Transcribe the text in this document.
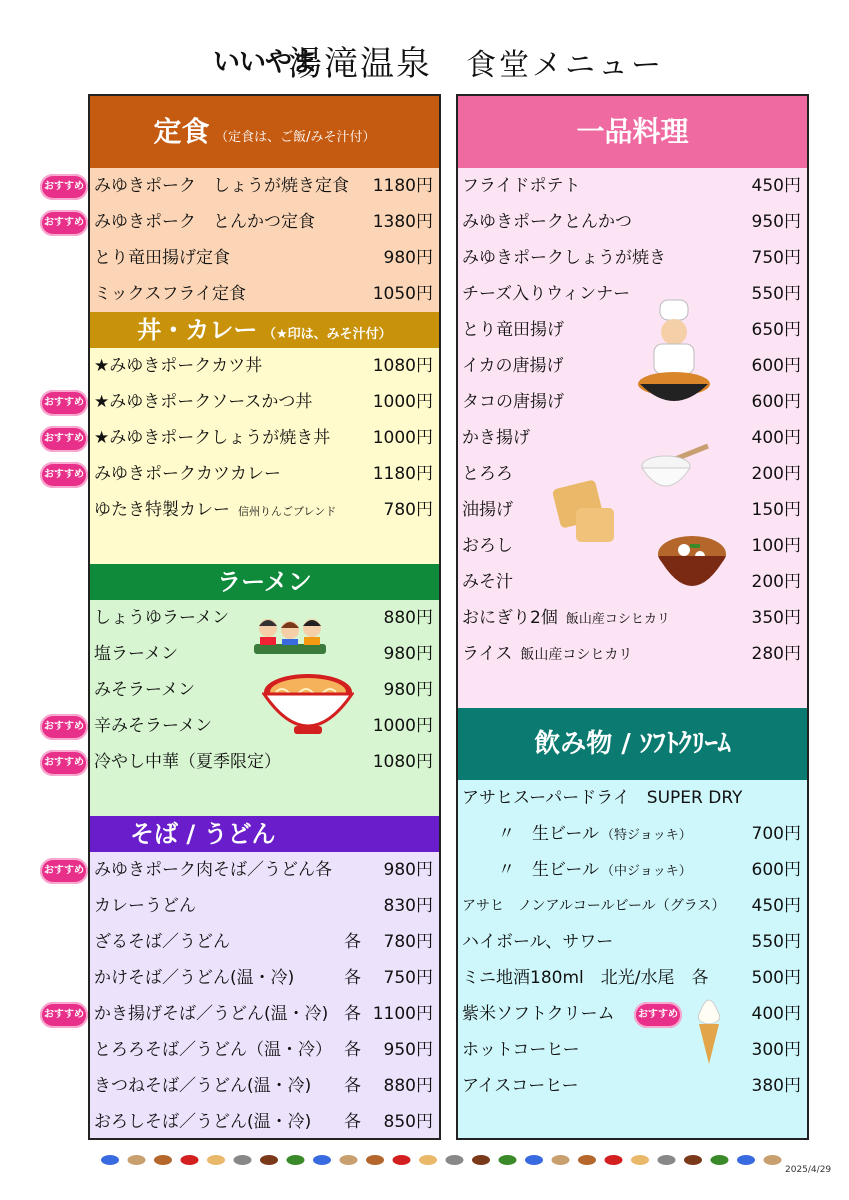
いいやま
湯滝温泉 食堂メニュー
定食 （定食は、ご飯/みそ汁付）
みゆきポーク　しょうが焼き定食 1180円
みゆきポーク　とんかつ定食	1380円
とり竜田揚げ定食	980円
ミックスフライ定食	1050円
丼・カレー （★印は、みそ汁付）
★みゆきポークカツ丼	1080円
★みゆきポークソースかつ丼	1000円
★みゆきポークしょうが焼き丼 1000円
みゆきポークカツカレー	1180円
ゆたき特製カレー 信州りんごブレンド	780円
ラーメン
しょうゆラーメン	880円
塩ラーメン	980円
みそラーメン	980円
辛みそラーメン	1000円
冷やし中華（夏季限定）	1080円
そば / うどん
みゆきポーク肉そば／うどん各	980円
カレーうどん	830円
ざるそば／うどん	各 780円
かけそば／うどん(温・冷)	各 750円
かき揚げそば／うどん(温・冷) 各 1100円
とろろそば／うどん（温・冷） 各 950円
きつねそば／うどん(温・冷) 各 880円
おろしそば／うどん(温・冷) 各 850円
おすすめ
おすすめ
おすすめ
おすすめ
おすすめ
おすすめ
おすすめ
おすすめ
おすすめ
一品料理
フライドポテト	450円
みゆきポークとんかつ	950円
みゆきポークしょうが焼き	750円
チーズ入りウィンナー	550円
とり竜田揚げ	650円
イカの唐揚げ	600円
タコの唐揚げ	600円
かき揚げ	400円
とろろ	200円
油揚げ	150円
おろし	100円
みそ汁	200円
おにぎり2個 飯山産コシヒカリ	350円
ライス 飯山産コシヒカリ	280円
飲み物 / ｿﾌﾄｸﾘｰﾑ
アサヒスーパードライ　SUPER DRY
〃　生ビール （特ジョッキ）	700円
〃　生ビール （中ジョッキ）	600円
アサヒ　ノンアルコールビール（グラス） 450円
ハイボール、サワー	550円
ミニ地酒180ml　北光/水尾　各	500円
紫米ソフトクリーム	400円
ホットコーヒー	300円
アイスコーヒー	380円
おすすめ
2025/4/29
